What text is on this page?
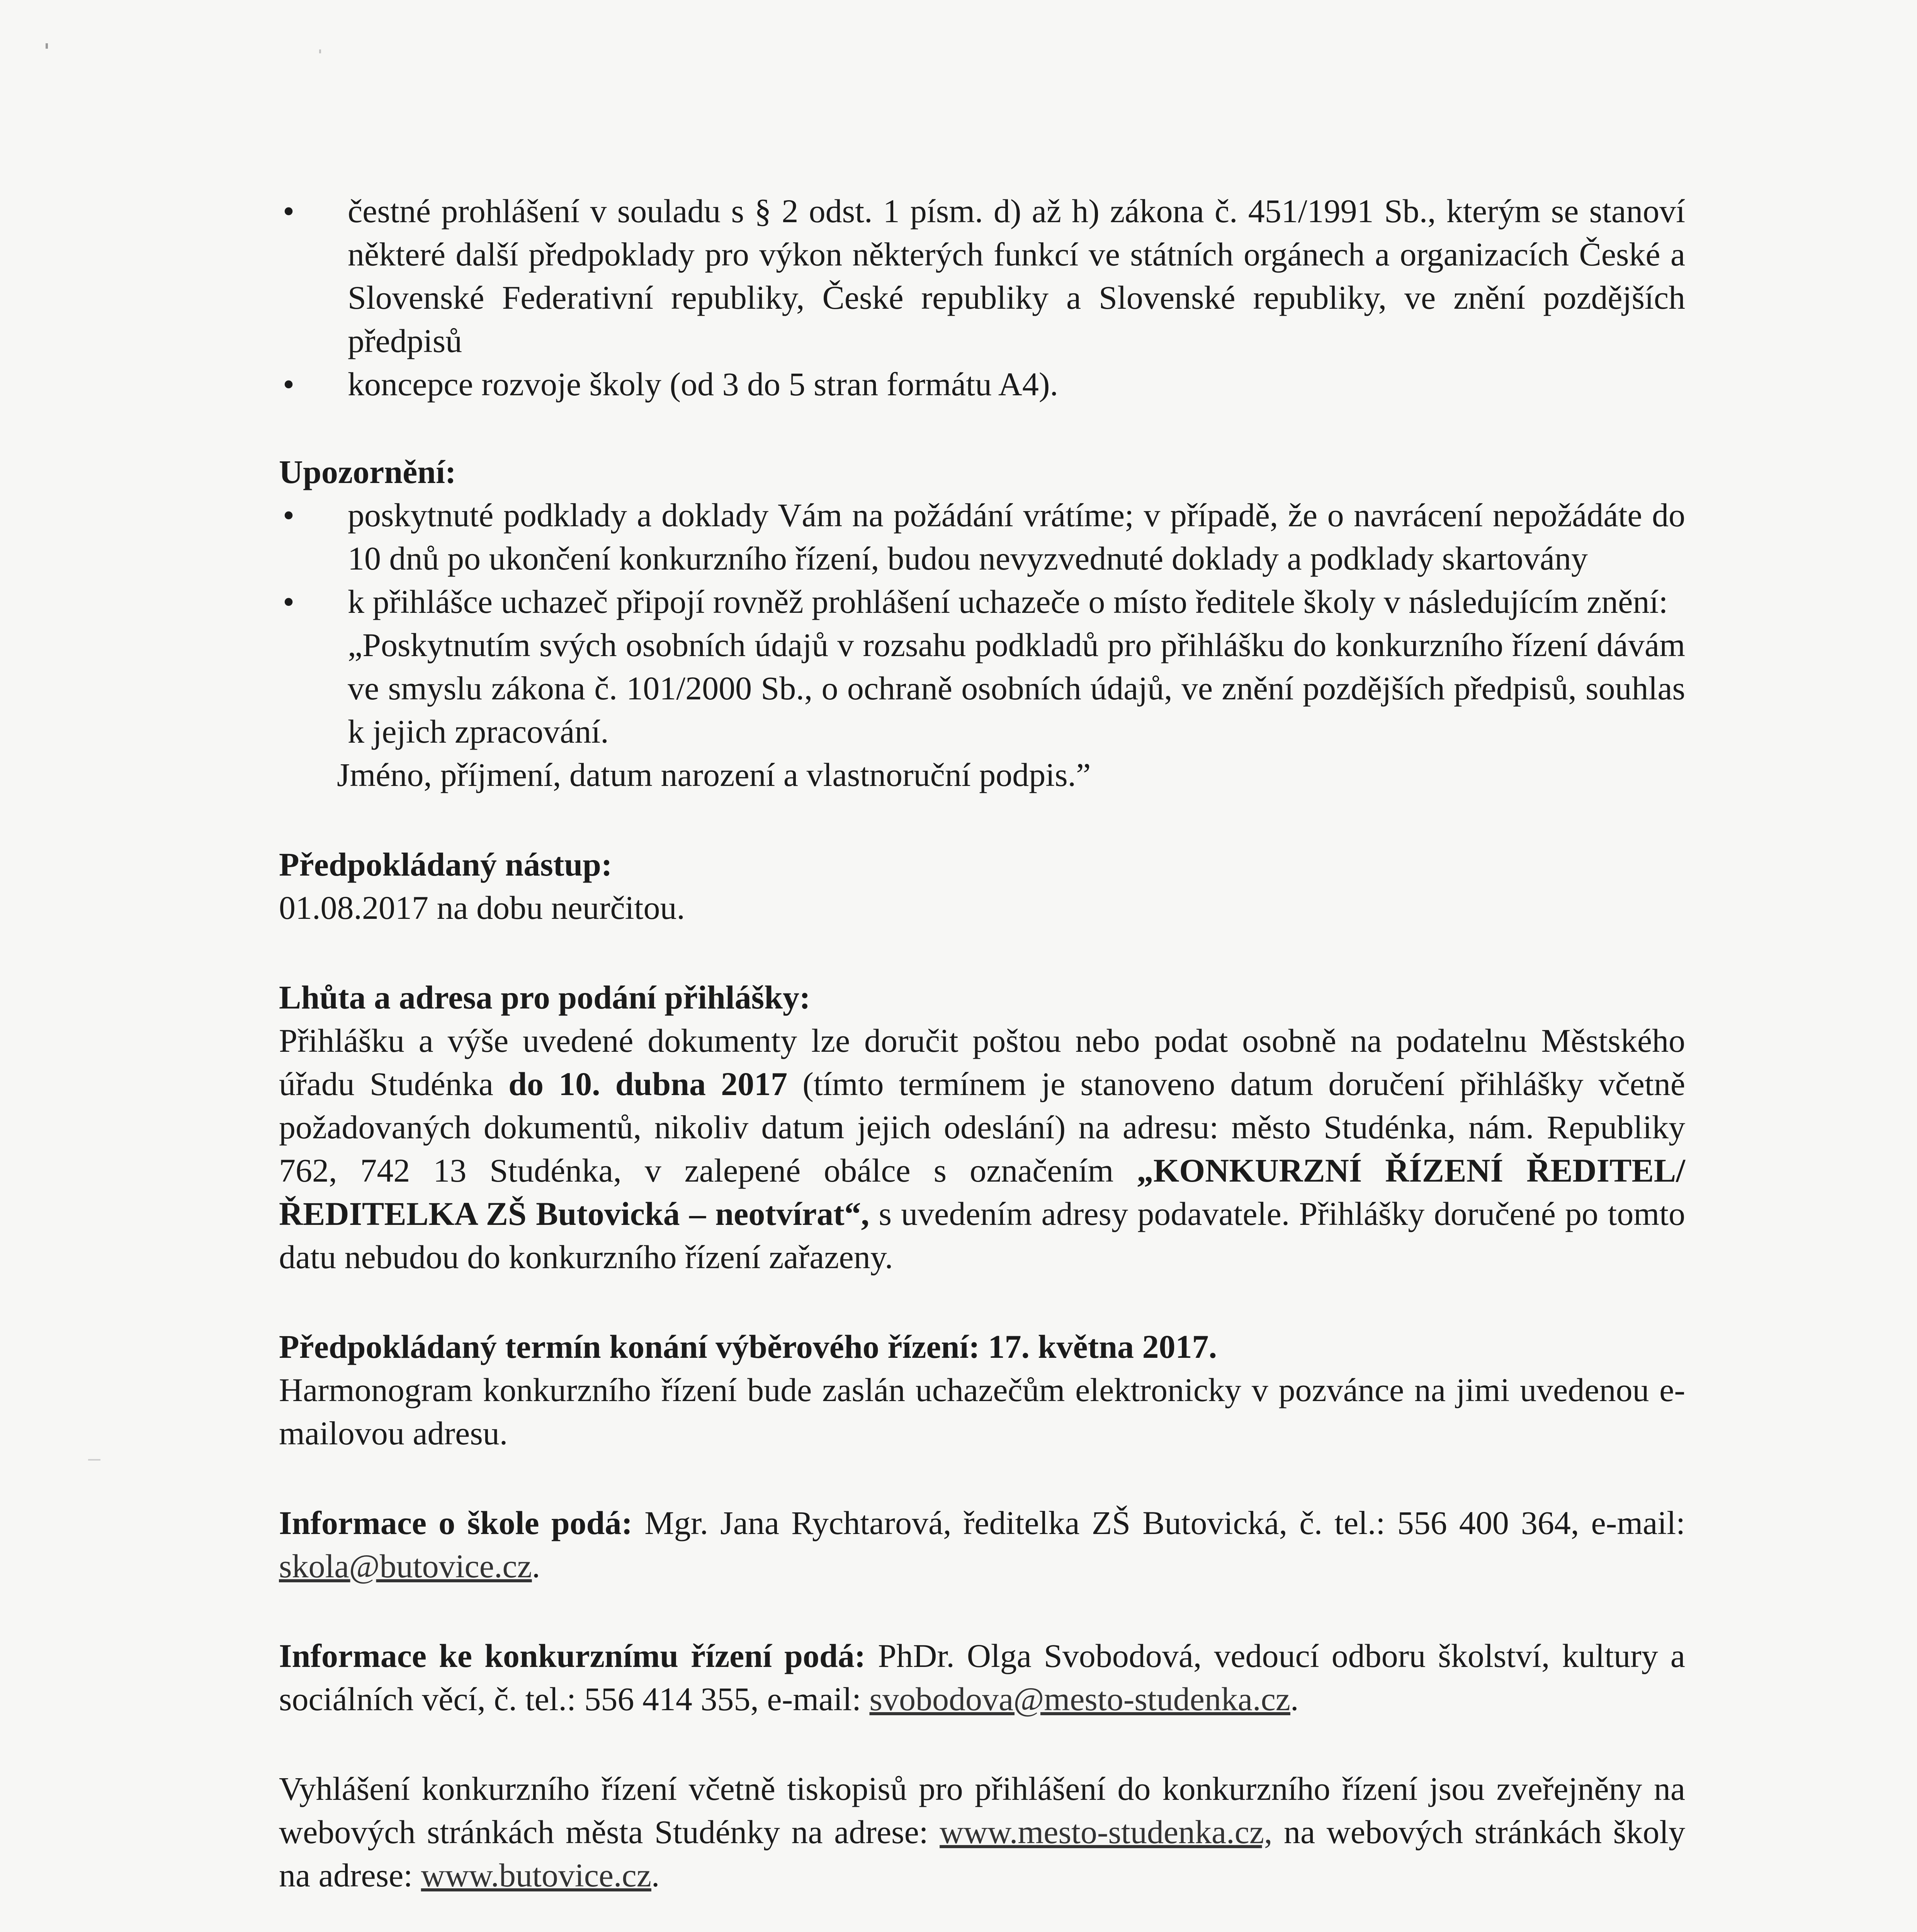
• čestné prohlášení v souladu s § 2 odst. 1 písm. d) až h) zákona č. 451/1991 Sb., kterým se stanoví některé další předpoklady pro výkon některých funkcí ve státních orgánech a organizacích České a Slovenské Federativní republiky, České republiky a Slovenské republiky, ve znění pozdějších předpisů
• koncepce rozvoje školy (od 3 do 5 stran formátu A4).

Upozornění:

• poskytnuté podklady a doklady Vám na požádání vrátíme; v případě, že o navrácení nepožádáte do 10 dnů po ukončení konkurzního řízení, budou nevyzvednuté doklady a podklady skartovány
• k přihlášce uchazeč připojí rovněž prohlášení uchazeče o místo ředitele školy v následujícím znění:

„Poskytnutím svých osobních údajů v rozsahu podkladů pro přihlášku do konkurzního řízení dávám ve smyslu zákona č. 101/2000 Sb., o ochraně osobních údajů, ve znění pozdějších předpisů, souhlas k jejich zpracování.

Jméno, příjmení, datum narození a vlastnoruční podpis.”

Předpokládaný nástup:

01.08.2017 na dobu neurčitou.

Lhůta a adresa pro podání přihlášky:

Přihlášku a výše uvedené dokumenty lze doručit poštou nebo podat osobně na podatelnu Městského úřadu Studénka do 10. dubna 2017 (tímto termínem je stanoveno datum doručení přihlášky včetně požadovaných dokumentů, nikoliv datum jejich odeslání) na adresu: město Studénka, nám. Republiky 762, 742 13 Studénka, v zalepené obálce s označením „KONKURZNÍ ŘÍZENÍ ŘEDITEL/ŘEDITELKA ZŠ Butovická – neotvírat“, s uvedením adresy podavatele. Přihlášky doručené po tomto datu nebudou do konkurzního řízení zařazeny.

Předpokládaný termín konání výběrového řízení: 17. května 2017.

Harmonogram konkurzního řízení bude zaslán uchazečům elektronicky v pozvánce na jimi uvedenou e-mailovou adresu.

Informace o škole podá: Mgr. Jana Rychtarová, ředitelka ZŠ Butovická, č. tel.: 556 400 364, e-mail: skola@butovice.cz.

Informace ke konkurznímu řízení podá: PhDr. Olga Svobodová, vedoucí odboru školství, kultury a sociálních věcí, č. tel.: 556 414 355, e-mail: svobodova@mesto-studenka.cz.

Vyhlášení konkurzního řízení včetně tiskopisů pro přihlášení do konkurzního řízení jsou zveřejněny na webových stránkách města Studénky na adrese: www.mesto-studenka.cz, na webových stránkách školy na adrese: www.butovice.cz.
